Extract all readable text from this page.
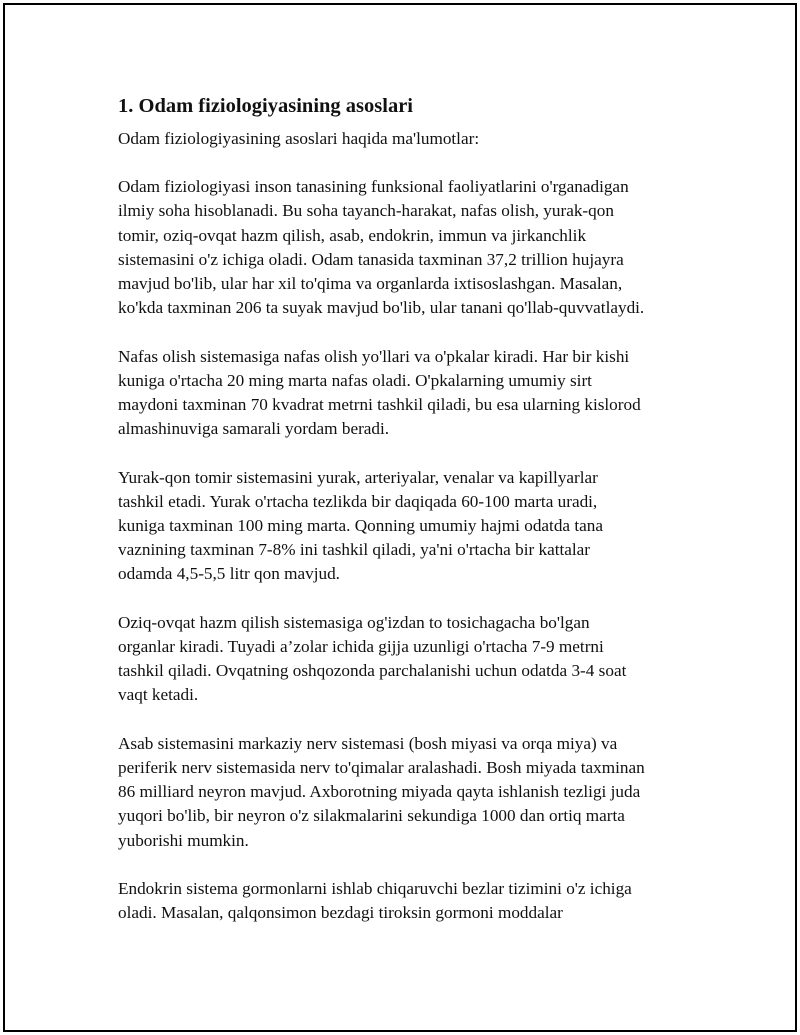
1. Odam fiziologiyasining asoslari
Odam fiziologiyasining asoslari haqida ma'lumotlar:
Odam fiziologiyasi inson tanasining funksional faoliyatlarini o'rganadigan
ilmiy soha hisoblanadi. Bu soha tayanch-harakat, nafas olish, yurak-qon
tomir, oziq-ovqat hazm qilish, asab, endokrin, immun va jirkanchlik
sistemasini o'z ichiga oladi. Odam tanasida taxminan 37,2 trillion hujayra
mavjud bo'lib, ular har xil to'qima va organlarda ixtisoslashgan. Masalan,
ko'kda taxminan 206 ta suyak mavjud bo'lib, ular tanani qo'llab-quvvatlaydi.
Nafas olish sistemasiga nafas olish yo'llari va o'pkalar kiradi. Har bir kishi
kuniga o'rtacha 20 ming marta nafas oladi. O'pkalarning umumiy sirt
maydoni taxminan 70 kvadrat metrni tashkil qiladi, bu esa ularning kislorod
almashinuviga samarali yordam beradi.
Yurak-qon tomir sistemasini yurak, arteriyalar, venalar va kapillyarlar
tashkil etadi. Yurak o'rtacha tezlikda bir daqiqada 60-100 marta uradi,
kuniga taxminan 100 ming marta. Qonning umumiy hajmi odatda tana
vaznining taxminan 7-8% ini tashkil qiladi, ya'ni o'rtacha bir kattalar
odamda 4,5-5,5 litr qon mavjud.
Oziq-ovqat hazm qilish sistemasiga og'izdan to tosichagacha bo'lgan
organlar kiradi. Tuyadi a’zolar ichida gijja uzunligi o'rtacha 7-9 metrni
tashkil qiladi. Ovqatning oshqozonda parchalanishi uchun odatda 3-4 soat
vaqt ketadi.
Asab sistemasini markaziy nerv sistemasi (bosh miyasi va orqa miya) va
periferik nerv sistemasida nerv to'qimalar aralashadi. Bosh miyada taxminan
86 milliard neyron mavjud. Axborotning miyada qayta ishlanish tezligi juda
yuqori bo'lib, bir neyron o'z silakmalarini sekundiga 1000 dan ortiq marta
yuborishi mumkin.
Endokrin sistema gormonlarni ishlab chiqaruvchi bezlar tizimini o'z ichiga
oladi. Masalan, qalqonsimon bezdagi tiroksin gormoni moddalar
